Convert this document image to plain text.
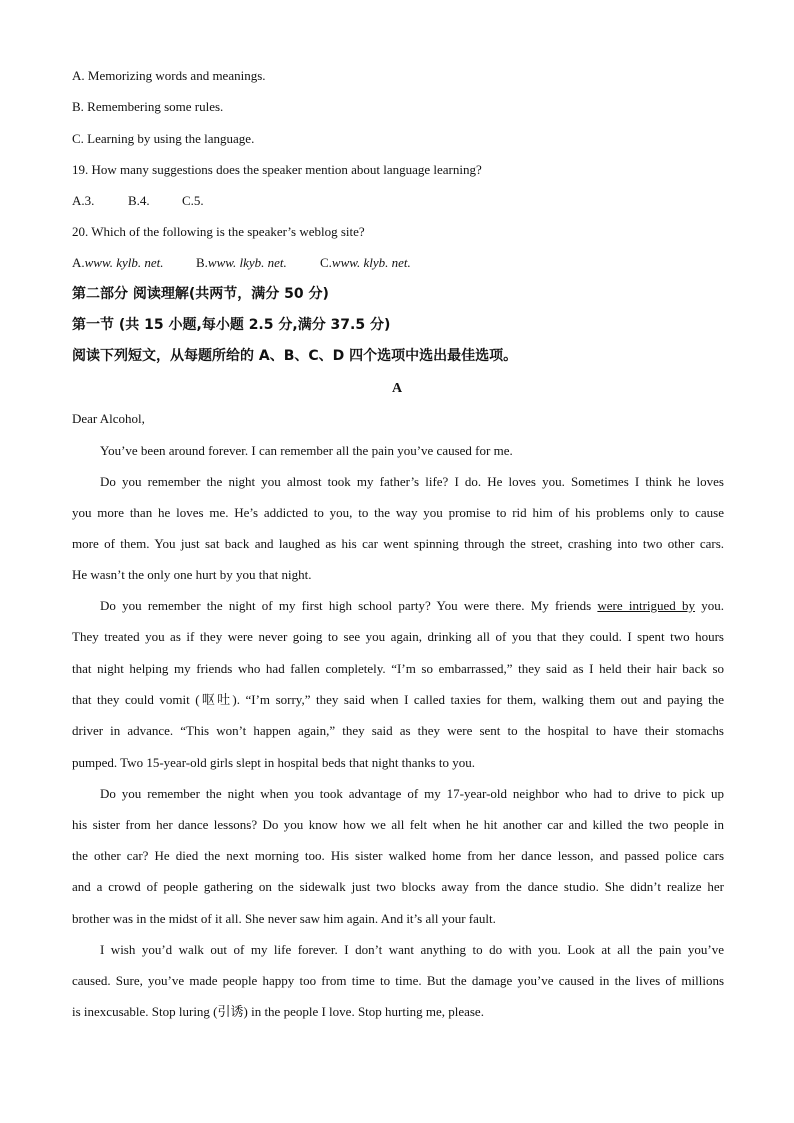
A. Memorizing words and meanings.
B. Remembering some rules.
C. Learning by using the language.
19. How many suggestions does the speaker mention about language learning?
A.3.	B.4. C.5.
20. Which of the following is the speaker’s weblog site?
A.www. kylb. net.	B.www. lkyb. net.	C.www. klyb. net.
第二部分 阅读理解(共两节，满分 50 分)
第一节 (共 15 小题,每小题 2.5 分,满分 37.5 分)
阅读下列短文，从每题所给的 A、B、C、D 四个选项中选出最佳选项。
A
Dear Alcohol,
You’ve been around forever. I can remember all the pain you’ve caused for me.
Do you remember the night you almost took my father’s life? I do. He loves you. Sometimes I think he loves
you more than he loves me. He’s addicted to you, to the way you promise to rid him of his problems only to cause
more of them. You just sat back and laughed as his car went spinning through the street, crashing into two other cars.
He wasn’t the only one hurt by you that night.
Do you remember the night of my first high school party? You were there. My friends were intrigued by you.
They treated you as if they were never going to see you again, drinking all of you that they could. I spent two hours
that night helping my friends who had fallen completely. “I’m so embarrassed,” they said as I held their hair back so
that they could vomit (呕吐). “I’m sorry,” they said when I called taxies for them, walking them out and paying the
driver in advance. “This won’t happen again,” they said as they were sent to the hospital to have their stomachs
pumped. Two 15-year-old girls slept in hospital beds that night thanks to you.
Do you remember the night when you took advantage of my 17-year-old neighbor who had to drive to pick up
his sister from her dance lessons? Do you know how we all felt when he hit another car and killed the two people in
the other car? He died the next morning too. His sister walked home from her dance lesson, and passed police cars
and a crowd of people gathering on the sidewalk just two blocks away from the dance studio. She didn’t realize her
brother was in the midst of it all. She never saw him again. And it’s all your fault.
I wish you’d walk out of my life forever. I don’t want anything to do with you. Look at all the pain you’ve
caused. Sure, you’ve made people happy too from time to time. But the damage you’ve caused in the lives of millions
is inexcusable. Stop luring (引诱) in the people I love. Stop hurting me, please.
